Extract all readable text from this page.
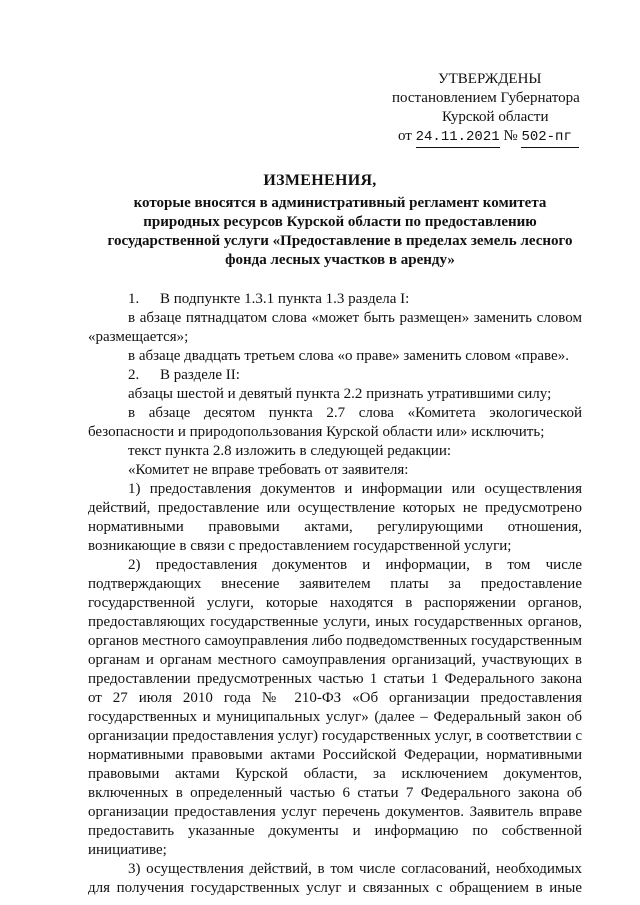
УТВЕРЖДЕНЫ
постановлением Губернатора
Курской области
от 24.11.2021 № 502-пг
ИЗМЕНЕНИЯ,
которые вносятся в административный регламент комитета природных ресурсов Курской области по предоставлению государственной услуги «Предоставление в пределах земель лесного фонда лесных участков в аренду»

1. В подпункте 1.3.1 пункта 1.3 раздела I:

в абзаце пятнадцатом слова «может быть размещен» заменить словом «размещается»;

в абзаце двадцать третьем слова «о праве» заменить словом «праве».

2. В разделе II:

абзацы шестой и девятый пункта 2.2 признать утратившими силу;

в абзаце десятом пункта 2.7 слова «Комитета экологической безопасности и природопользования Курской области или» исключить;

текст пункта 2.8 изложить в следующей редакции:

«Комитет не вправе требовать от заявителя:

1) предоставления документов и информации или осуществления действий, предоставление или осуществление которых не предусмотрено нормативными правовыми актами, регулирующими отношения, возникающие в связи с предоставлением государственной услуги;

2) предоставления документов и информации, в том числе подтверждающих внесение заявителем платы за предоставление государственной услуги, которые находятся в распоряжении органов, предоставляющих государственные услуги, иных государственных органов, органов местного самоуправления либо подведомственных государственным органам и органам местного самоуправления организаций, участвующих в предоставлении предусмотренных частью 1 статьи 1 Федерального закона от 27 июля 2010 года № 210-ФЗ «Об организации предоставления государственных и муниципальных услуг» (далее – Федеральный закон об организации предоставления услуг) государственных услуг, в соответствии с нормативными правовыми актами Российской Федерации, нормативными правовыми актами Курской области, за исключением документов, включенных в определенный частью 6 статьи 7 Федерального закона об организации предоставления услуг перечень документов. Заявитель вправе предоставить указанные документы и информацию по собственной инициативе;

3) осуществления действий, в том числе согласований, необходимых для получения государственных услуг и связанных с обращением в иные
